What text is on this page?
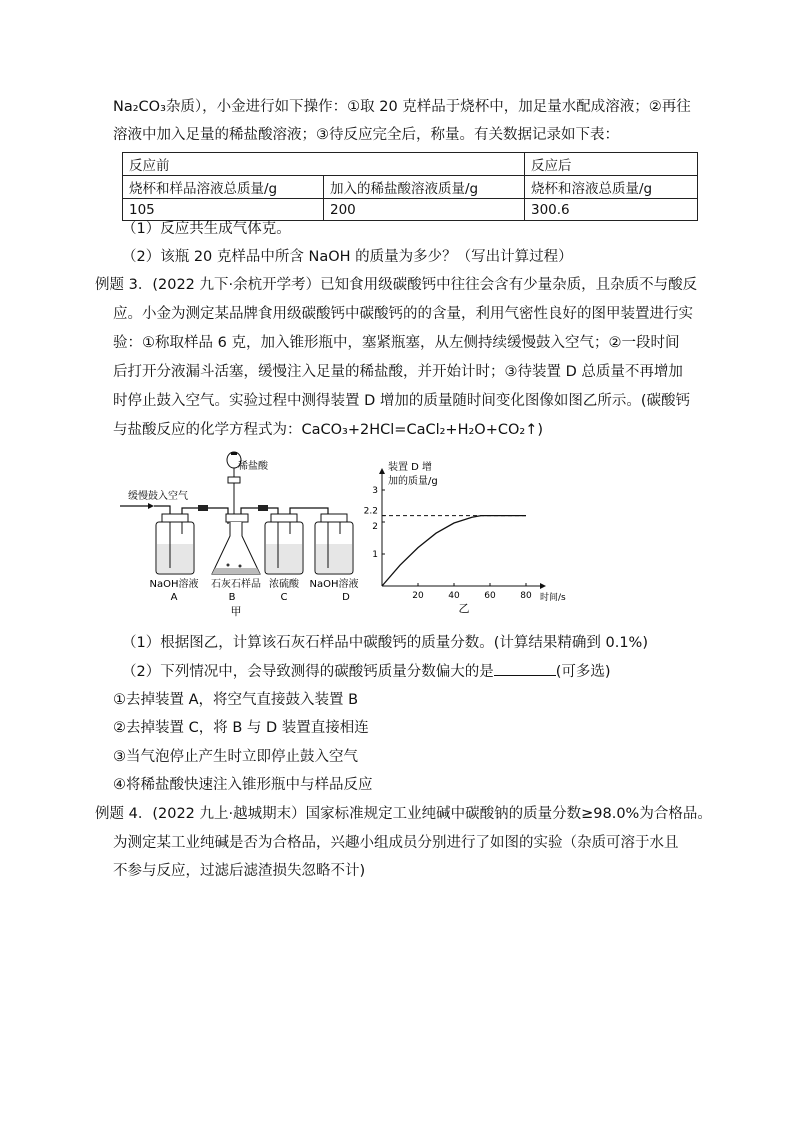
Na₂CO₃杂质），小金进行如下操作：①取 20 克样品于烧杯中，加足量水配成溶液；②再往
溶液中加入足量的稀盐酸溶液；③待反应完全后，称量。有关数据记录如下表：
反应前		反应后
烧杯和样品溶液总质量/g	加入的稀盐酸溶液质量/g	烧杯和溶液总质量/g
105	200	300.6
（1）反应共生成气体克。
（2）该瓶 20 克样品中所含 NaOH 的质量为多少？（写出计算过程）
例题 3．(2022 九下·余杭开学考）已知食用级碳酸钙中往往会含有少量杂质，且杂质不与酸反
应。小金为测定某品牌食用级碳酸钙中碳酸钙的的含量，利用气密性良好的图甲装置进行实
验：①称取样品 6 克，加入锥形瓶中，塞紧瓶塞，从左侧持续缓慢鼓入空气；②一段时间
后打开分液漏斗活塞，缓慢注入足量的稀盐酸，并开始计时；③待装置 D 总质量不再增加
时停止鼓入空气。实验过程中测得装置 D 增加的质量随时间变化图像如图乙所示。(碳酸钙
与盐酸反应的化学方程式为：CaCO₃+2HCl=CaCl₂+H₂O+CO₂↑)
缓慢鼓入空气
稀盐酸
NaOH溶液 石灰石样品 浓硫酸 NaOH溶液
A	B	C	D
甲
20	40	60	80
1
2
2.2
3
装置 D 增
加的质量/g
时间/s
乙
（1）根据图乙，计算该石灰石样品中碳酸钙的质量分数。(计算结果精确到 0.1%)
（2）下列情况中，会导致测得的碳酸钙质量分数偏大的是	(可多选)
①去掉装置 A，将空气直接鼓入装置 B
②去掉装置 C，将 B 与 D 装置直接相连
③当气泡停止产生时立即停止鼓入空气
④将稀盐酸快速注入锥形瓶中与样品反应
例题 4．(2022 九上·越城期末）国家标准规定工业纯碱中碳酸钠的质量分数≥98.0%为合格品。
为测定某工业纯碱是否为合格品，兴趣小组成员分别进行了如图的实验（杂质可溶于水且
不参与反应，过滤后滤渣损失忽略不计)
